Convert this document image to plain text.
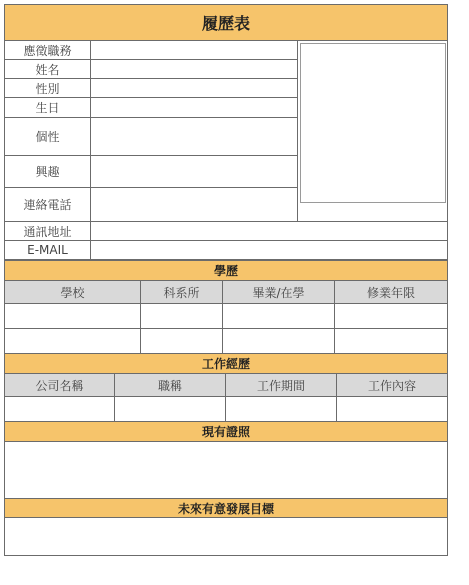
履歷表
應徵職務
姓名
性別
生日
個性
興趣
連絡電話
通訊地址
E-MAIL
學歷
學校	科系所	畢業/在學	修業年限
工作經歷
公司名稱	職稱	工作期間	工作內容
現有證照
未來有意發展目標
